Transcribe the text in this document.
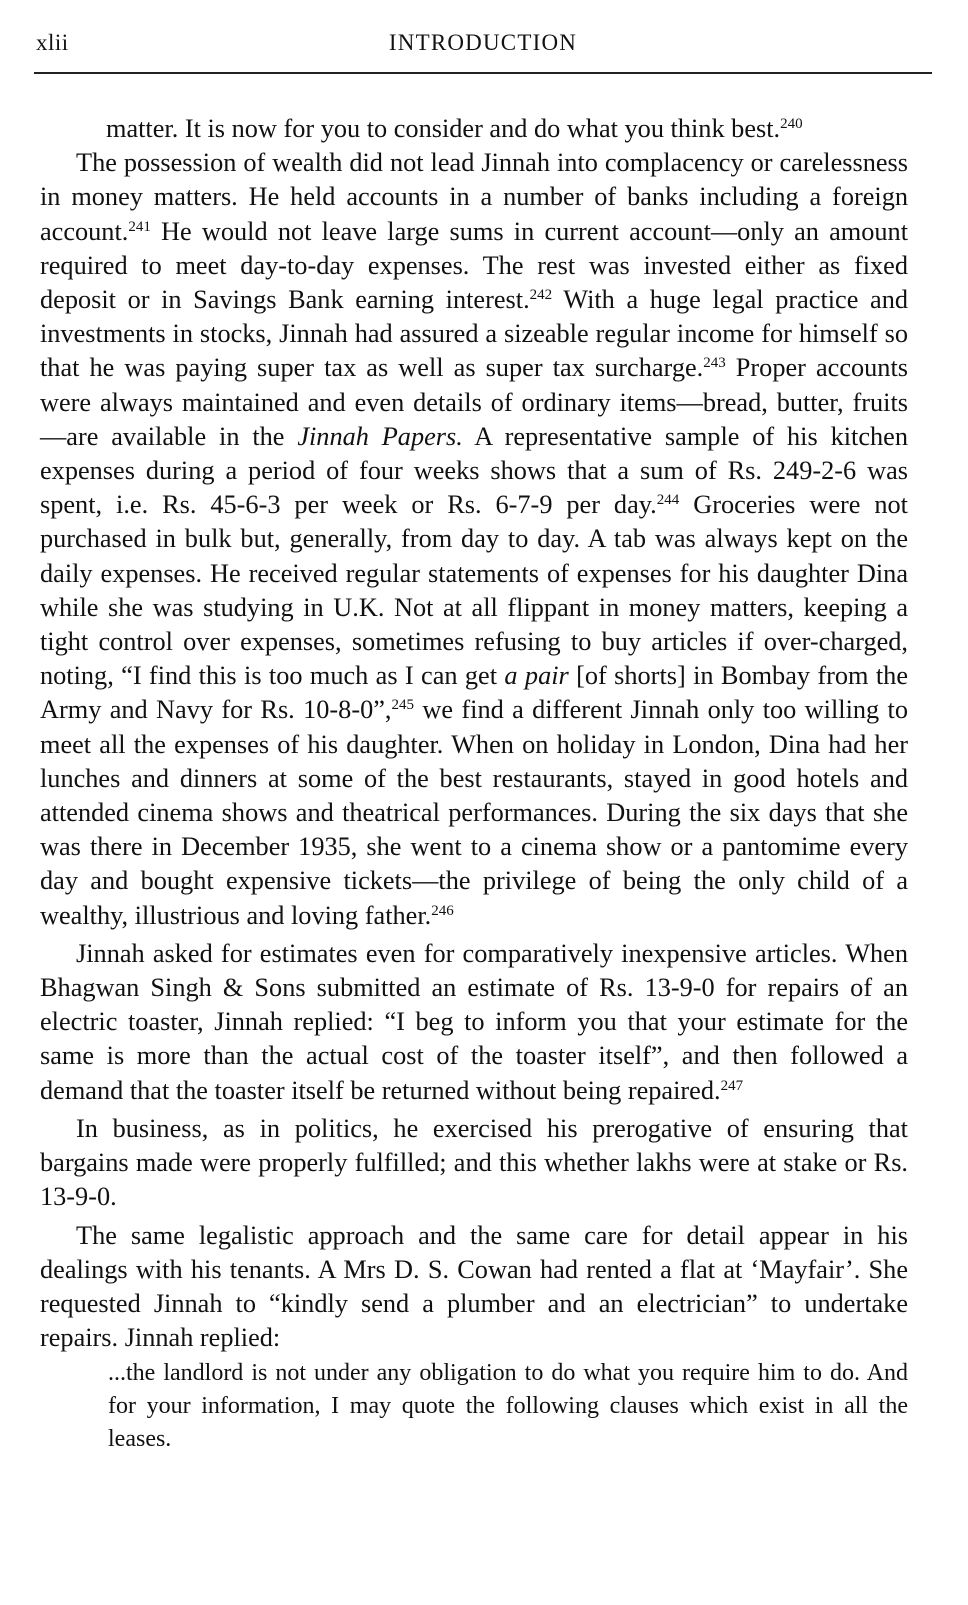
xlii	INTRODUCTION

matter. It is now for you to consider and do what you think best.$^{240}$

The possession of wealth did not lead Jinnah into complacency or carelessness in money matters. He held accounts in a number of banks including a foreign account.$^{241}$ He would not leave large sums in current account—only an amount required to meet day-to-day expenses. The rest was invested either as fixed deposit or in Savings Bank earning interest.$^{242}$ With a huge legal practice and investments in stocks, Jinnah had assured a sizeable regular income for himself so that he was paying super tax as well as super tax surcharge.$^{243}$ Proper accounts were always maintained and even details of ordinary items—bread, butter, fruits—are available in the Jinnah Papers. A representative sample of his kitchen expenses during a period of four weeks shows that a sum of Rs. 249-2-6 was spent, i.e. Rs. 45-6-3 per week or Rs. 6-7-9 per day.$^{244}$ Groceries were not purchased in bulk but, generally, from day to day. A tab was always kept on the daily expenses. He received regular statements of expenses for his daughter Dina while she was studying in U.K. Not at all flippant in money matters, keeping a tight control over expenses, sometimes refusing to buy articles if over-charged, noting, “I find this is too much as I can get a pair [of shorts] in Bombay from the Army and Navy for Rs. 10-8-0”,$^{245}$ we find a different Jinnah only too willing to meet all the expenses of his daughter. When on holiday in London, Dina had her lunches and dinners at some of the best restaurants, stayed in good hotels and attended cinema shows and theatrical performances. During the six days that she was there in December 1935, she went to a cinema show or a pantomime every day and bought expensive tickets—the privilege of being the only child of a wealthy, illustrious and loving father.$^{246}$

Jinnah asked for estimates even for comparatively inexpensive articles. When Bhagwan Singh & Sons submitted an estimate of Rs. 13-9-0 for repairs of an electric toaster, Jinnah replied: “I beg to inform you that your estimate for the same is more than the actual cost of the toaster itself”, and then followed a demand that the toaster itself be returned without being repaired.$^{247}$

In business, as in politics, he exercised his prerogative of ensuring that bargains made were properly fulfilled; and this whether lakhs were at stake or Rs. 13-9-0.

The same legalistic approach and the same care for detail appear in his dealings with his tenants. A Mrs D. S. Cowan had rented a flat at ‘Mayfair’. She requested Jinnah to “kindly send a plumber and an electrician” to undertake repairs. Jinnah replied:

...the landlord is not under any obligation to do what you require him to do. And for your information, I may quote the following clauses which exist in all the leases.
